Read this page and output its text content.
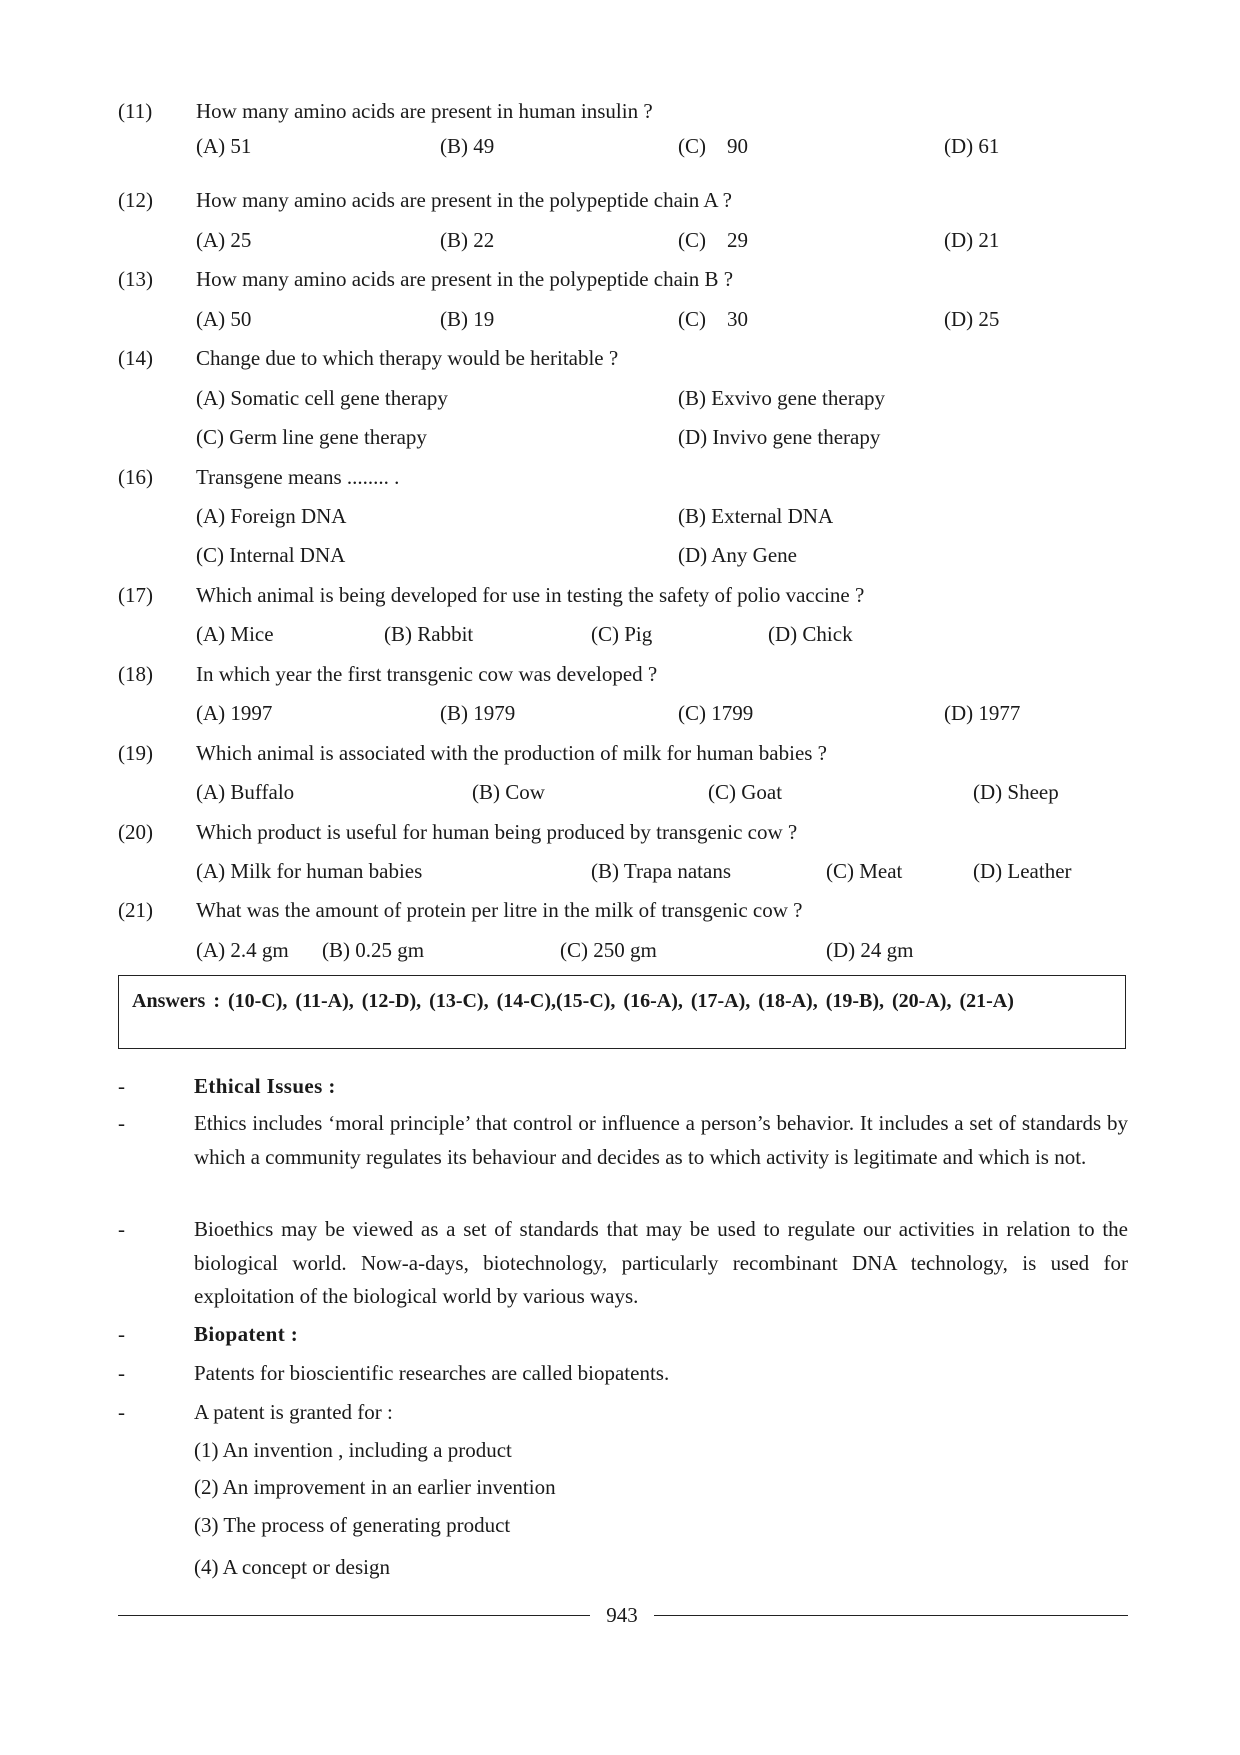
(11) How many amino acids are present in human insulin ?
(A) 51	(B) 49	(C)    90	(D) 61
(12) How many amino acids are present in the polypeptide chain A ?
(A) 25	(B) 22	(C)    29	(D) 21
(13) How many amino acids are present in the polypeptide chain B ?
(A) 50	(B) 19	(C)    30	(D) 25
(14) Change due to which therapy would be heritable ?
(A) Somatic cell gene therapy	(B) Exvivo gene therapy
(C) Germ line gene therapy	(D) Invivo gene therapy
(16) Transgene means ........ .
(A) Foreign DNA	(B) External DNA
(C) Internal DNA	(D) Any Gene
(17) Which animal is being developed for use in testing the safety of polio vaccine ?
(A) Mice	(B) Rabbit	(C) Pig	(D) Chick
(18) In which year the first transgenic cow was developed ?
(A) 1997	(B) 1979	(C) 1799	(D) 1977
(19) Which animal is associated with the production of milk for human babies ?
(A) Buffalo	(B) Cow	(C) Goat	(D) Sheep
(20) Which product is useful for human being produced by transgenic cow ?
(A) Milk for human babies	(B) Trapa natans	(C) Meat	(D) Leather
(21) What was the amount of protein per litre in the milk of transgenic cow ?
(A) 2.4 gm (B) 0.25 gm	(C) 250 gm	(D) 24 gm
Answers : (10-C), (11-A), (12-D), (13-C), (14-C),(15-C), (16-A), (17-A), (18-A), (19-B), (20-A), (21-A)
-	Ethical Issues :
-	Ethics includes ‘moral principle’ that control or influence a person’s behavior. It includes a set of standards by which a community regulates its behaviour and decides as to which activity is legitimate and which is not.
-	Bioethics may be viewed as a set of standards that may be used to regulate our activities in relation to the biological world. Now-a-days, biotechnology, particularly recombinant DNA technology, is used for exploitation of the biological world by various ways.
-	Biopatent :
-	Patents for bioscientific researches are called biopatents.
-	A patent is granted for :
(1) An invention , including a product
(2) An improvement in an earlier invention
(3) The process of generating product
(4) A concept or design
943
